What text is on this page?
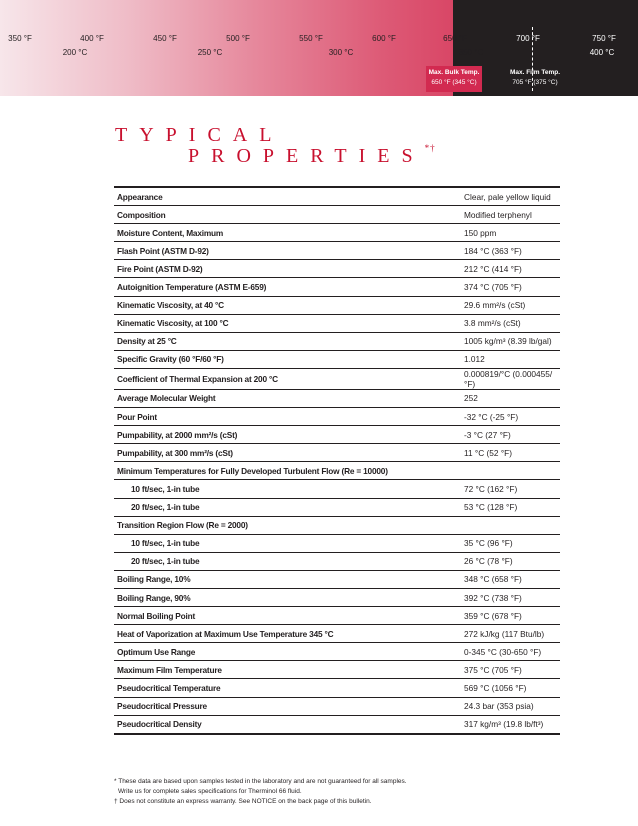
350 °F	400 °F	450 °F	500 °F	550 °F	600 °F	650 °F	700 °F	750 °F
200 °C	250 °C	300 °C	350 °C	400 °C
Max. Bulk Temp.
650 °F (345 °C)
Max. Film Temp.
705 °F (375 °C)
TYPICAL
PROPERTIES*†
Appearance	Clear, pale yellow liquid
Composition	Modified terphenyl
Moisture Content, Maximum	150 ppm
Flash Point (ASTM D-92)	184 °C (363 °F)
Fire Point (ASTM D-92)	212 °C (414 °F)
Autoignition Temperature (ASTM E-659)	374 °C (705 °F)
Kinematic Viscosity, at 40 °C	29.6 mm²/s (cSt)
Kinematic Viscosity, at 100 °C	3.8 mm²/s (cSt)
Density at 25 °C	1005 kg/m³ (8.39 lb/gal)
Specific Gravity (60 °F/60 °F)	1.012
Coefficient of Thermal Expansion at 200 °C	0.000819/°C (0.000455/°F)
Average Molecular Weight	252
Pour Point	-32 °C (-25 °F)
Pumpability, at 2000 mm²/s (cSt)	-3 °C (27 °F)
Pumpability, at 300 mm²/s (cSt)	11 °C (52 °F)
Minimum Temperatures for Fully Developed Turbulent Flow (Re = 10000)	
10 ft/sec, 1-in tube	72 °C (162 °F)
20 ft/sec, 1-in tube	53 °C (128 °F)
Transition Region Flow (Re = 2000)	
10 ft/sec, 1-in tube	35 °C (96 °F)
20 ft/sec, 1-in tube	26 °C (78 °F)
Boiling Range, 10%	348 °C (658 °F)
Boiling Range, 90%	392 °C (738 °F)
Normal Boiling Point	359 °C (678 °F)
Heat of Vaporization at Maximum Use Temperature 345 °C	272 kJ/kg (117 Btu/lb)
Optimum Use Range	0-345 °C (30-650 °F)
Maximum Film Temperature	375 °C (705 °F)
Pseudocritical Temperature	569 °C (1056 °F)
Pseudocritical Pressure	24.3 bar (353 psia)
Pseudocritical Density	317 kg/m³ (19.8 lb/ft³)
* These data are based upon samples tested in the laboratory and are not guaranteed for all samples.
Write us for complete sales specifications for Therminol 66 fluid.
† Does not constitute an express warranty. See NOTICE on the back page of this bulletin.
